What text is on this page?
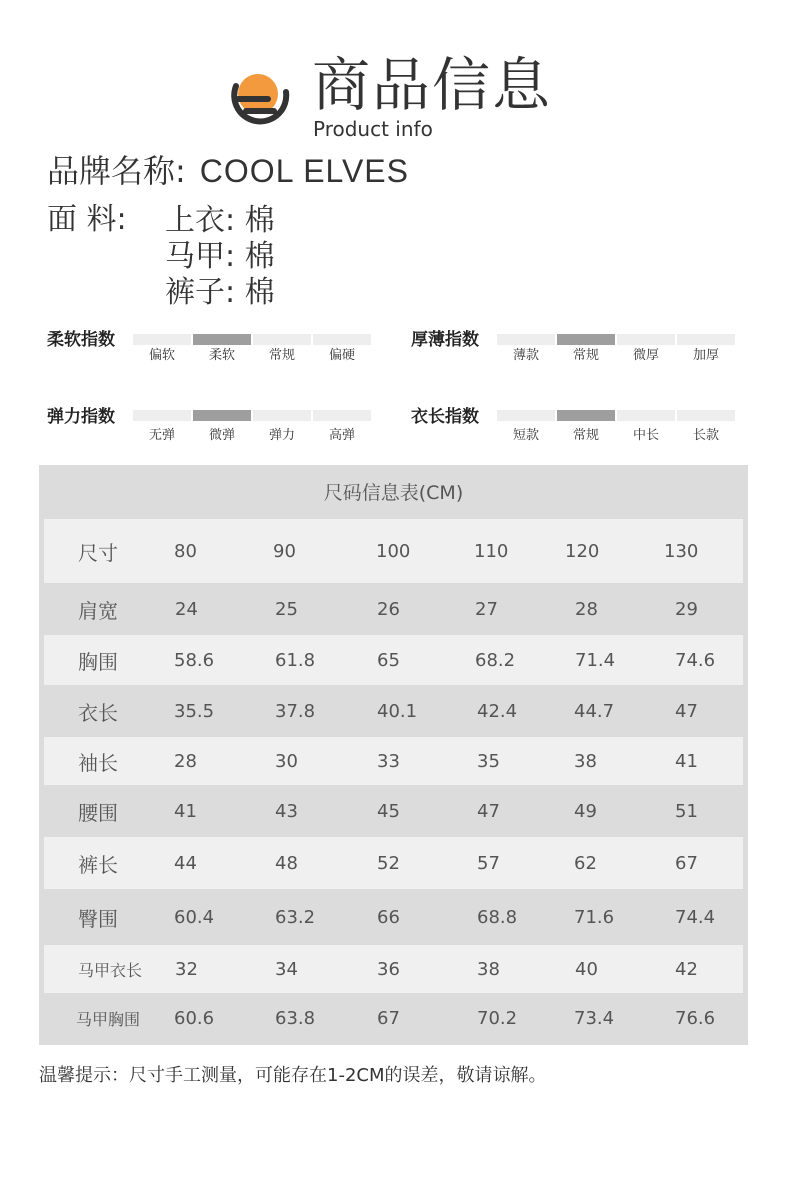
商品信息
Product info
品牌名称: COOL ELVES
面 料: 上衣: 棉
马甲: 棉
裤子: 棉
柔软指数
偏软	柔软	常规	偏硬
厚薄指数
薄款	常规	微厚	加厚
弹力指数
无弹	微弹	弹力	高弹
衣长指数
短款	常规	中长	长款
尺码信息表(CM)
尺寸	80	90	100	110	120	130
肩宽	24	25	26	27	28	29
胸围	58.6	61.8	65	68.2	71.4	74.6
衣长	35.5	37.8	40.1	42.4	44.7	47
袖长	28	30	33	35	38	41
腰围	41	43	45	47	49	51
裤长	44	48	52	57	62	67
臀围	60.4	63.2	66	68.8	71.6	74.4
马甲衣长 32	34	36	38	40	42
马甲胸围 60.6	63.8	67	70.2	73.4	76.6
温馨提示：尺寸手工测量，可能存在1-2CM的误差，敬请谅解。
